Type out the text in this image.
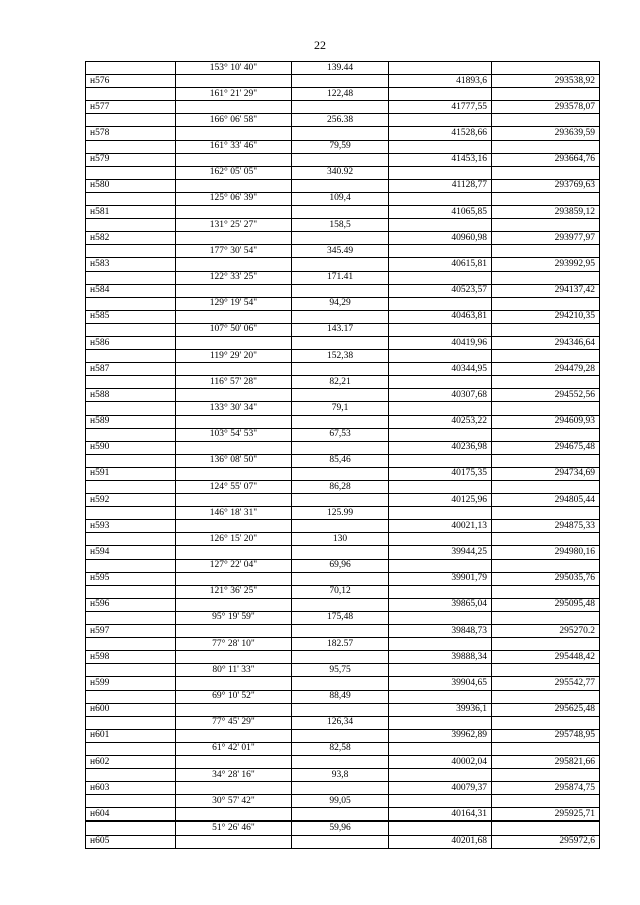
22
	153° 10' 40"	139.44		
н576			41893,6	293538,92
	161° 21' 29"	122,48		
н577			41777,55	293578,07
	166° 06' 58"	256.38		
н578			41528,66	293639,59
	161° 33' 46"	79,59		
н579			41453,16	293664,76
	162° 05' 05"	340.92		
н580			41128,77	293769,63
	125° 06' 39"	109,4		
н581			41065,85	293859,12
	131° 25' 27"	158,5		
н582			40960,98	293977,97
	177° 30' 54"	345.49		
н583			40615,81	293992,95
	122° 33' 25"	171.41		
н584			40523,57	294137,42
	129° 19' 54"	94,29		
н585			40463,81	294210,35
	107° 50' 06"	143.17		
н586			40419,96	294346,64
	119° 29' 20"	152,38		
н587			40344,95	294479,28
	116° 57' 28"	82,21		
н588			40307,68	294552,56
	133° 30' 34"	79,1		
н589			40253,22	294609,93
	103° 54' 53"	67,53		
н590			40236,98	294675,48
	136° 08' 50"	85,46		
н591			40175,35	294734,69
	124° 55' 07"	86,28		
н592			40125,96	294805,44
	146° 18' 31"	125.99		
н593			40021,13	294875,33
	126° 15' 20"	130		
н594			39944,25	294980,16
	127° 22' 04"	69,96		
н595			39901,79	295035,76
	121° 36' 25"	70,12		
н596			39865,04	295095,48
	95° 19' 59"	175,48		
н597			39848,73	295270.2
	77° 28' 10"	182.57		
н598			39888,34	295448,42
	80° 11' 33"	95,75		
н599			39904,65	295542,77
	69° 10' 52"	88,49		
н600			39936,1	295625,48
	77° 45' 29"	126,34		
н601			39962,89	295748,95
	61° 42' 01"	82,58		
н602			40002,04	295821,66
	34° 28' 16"	93,8		
н603			40079,37	295874,75
	30° 57' 42"	99,05		
н604			40164,31	295925,71
	51° 26' 46"	59,96		
н605			40201,68	295972,6
